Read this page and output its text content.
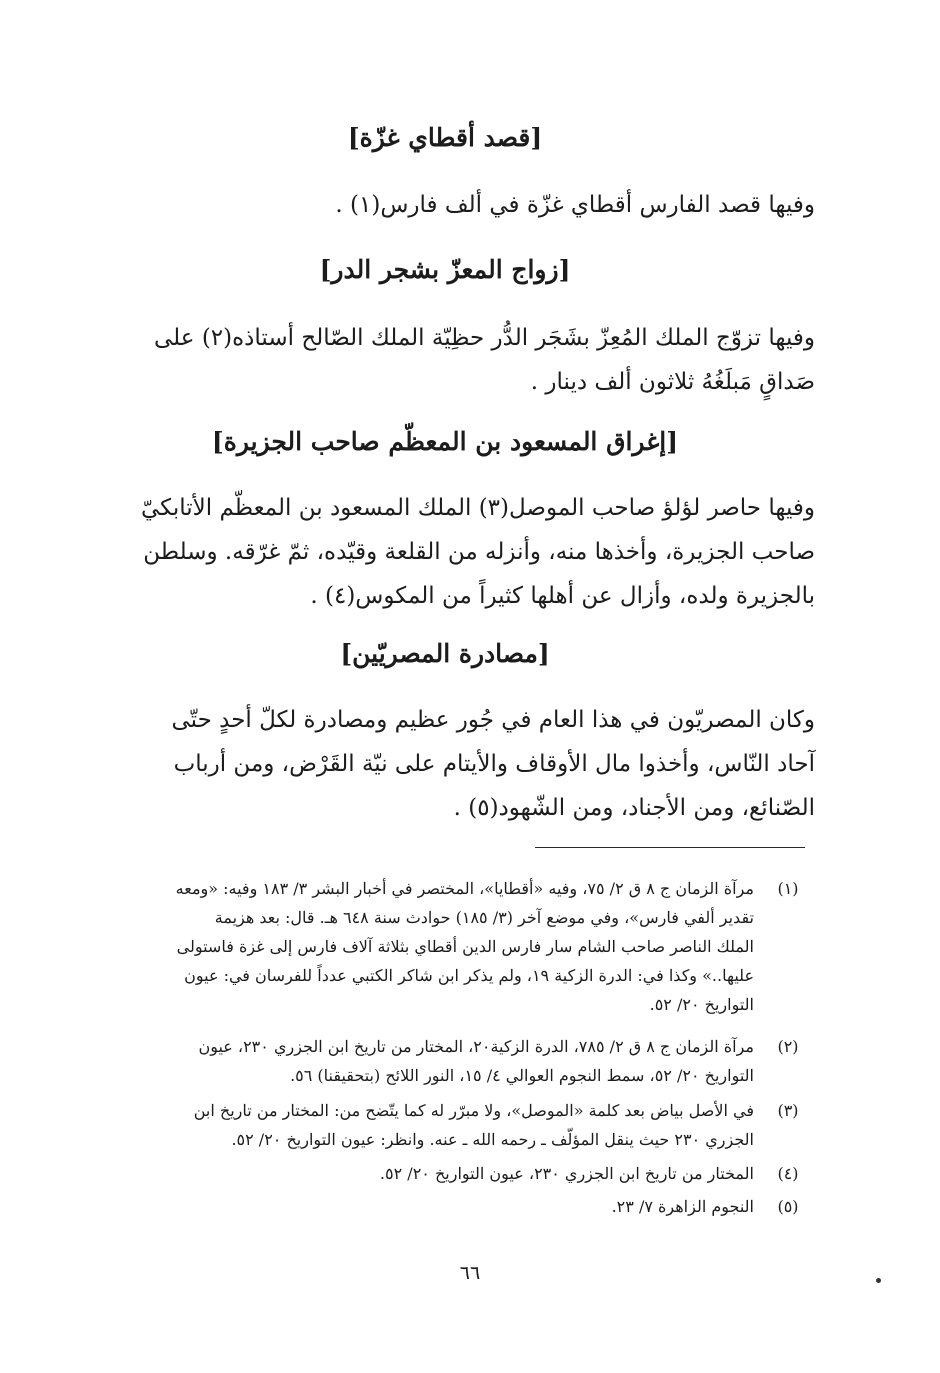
[قصد أقطاي غزّة]
وفيها قصد الفارس أقطاي غزّة في ألف فارس(١) .
[زواج المعزّ بشجر الدر]
وفيها تزوّج الملك المُعِزّ بشَجَر الدُّر حظِيّة الملك الصّالح أستاذه(٢) على
صَداقٍ مَبلَغُهُ ثلاثون ألف دينار .
[إغراق المسعود بن المعظّم صاحب الجزيرة]
وفيها حاصر لؤلؤ صاحب الموصل(٣) الملك المسعود بن المعظّم الأتابكيّ
صاحب الجزيرة، وأخذها منه، وأنزله من القلعة وقيّده، ثمّ غرّقه. وسلطن
بالجزيرة ولده، وأزال عن أهلها كثيراً من المكوس(٤) .
[مصادرة المصريّين]
وكان المصريّون في هذا العام في جُور عظيم ومصادرة لكلّ أحدٍ حتّى
آحاد النّاس، وأخذوا مال الأوقاف والأيتام على نيّة القَرْض، ومن أرباب
الصّنائع، ومن الأجناد، ومن الشّهود(٥) .
(١)
مرآة الزمان ج ٨ ق ٢/ ٧٥، وفيه «أقطايا»، المختصر في أخبار البشر ٣/ ١٨٣ وفيه: «ومعه
تقدير ألفي فارس»، وفي موضع آخر (٣/ ١٨٥) حوادث سنة ٦٤٨ هـ. قال: بعد هزيمة
الملك الناصر صاحب الشام سار فارس الدين أقطاي بثلاثة آلاف فارس إلى غزة فاستولى
عليها..» وكذا في: الدرة الزكية ١٩، ولم يذكر ابن شاكر الكتبي عدداً للفرسان في: عيون
التواريخ ٢٠/ ٥٢.
(٢)
مرآة الزمان ج ٨ ق ٢/ ٧٨٥، الدرة الزكية٢٠، المختار من تاريخ ابن الجزري ٢٣٠، عيون
التواريخ ٢٠/ ٥٢، سمط النجوم العوالي ٤/ ١٥، النور اللائح (بتحقيقنا) ٥٦.
(٣)
في الأصل بياض بعد كلمة «الموصل»، ولا مبرّر له كما يتّضح من: المختار من تاريخ ابن
الجزري ٢٣٠ حيث ينقل المؤلّف ـ رحمه الله ـ عنه. وانظر: عيون التواريخ ٢٠/ ٥٢.
(٤)
المختار من تاريخ ابن الجزري ٢٣٠، عيون التواريخ ٢٠/ ٥٢.
(٥)
النجوم الزاهرة ٧/ ٢٣.
٦٦
